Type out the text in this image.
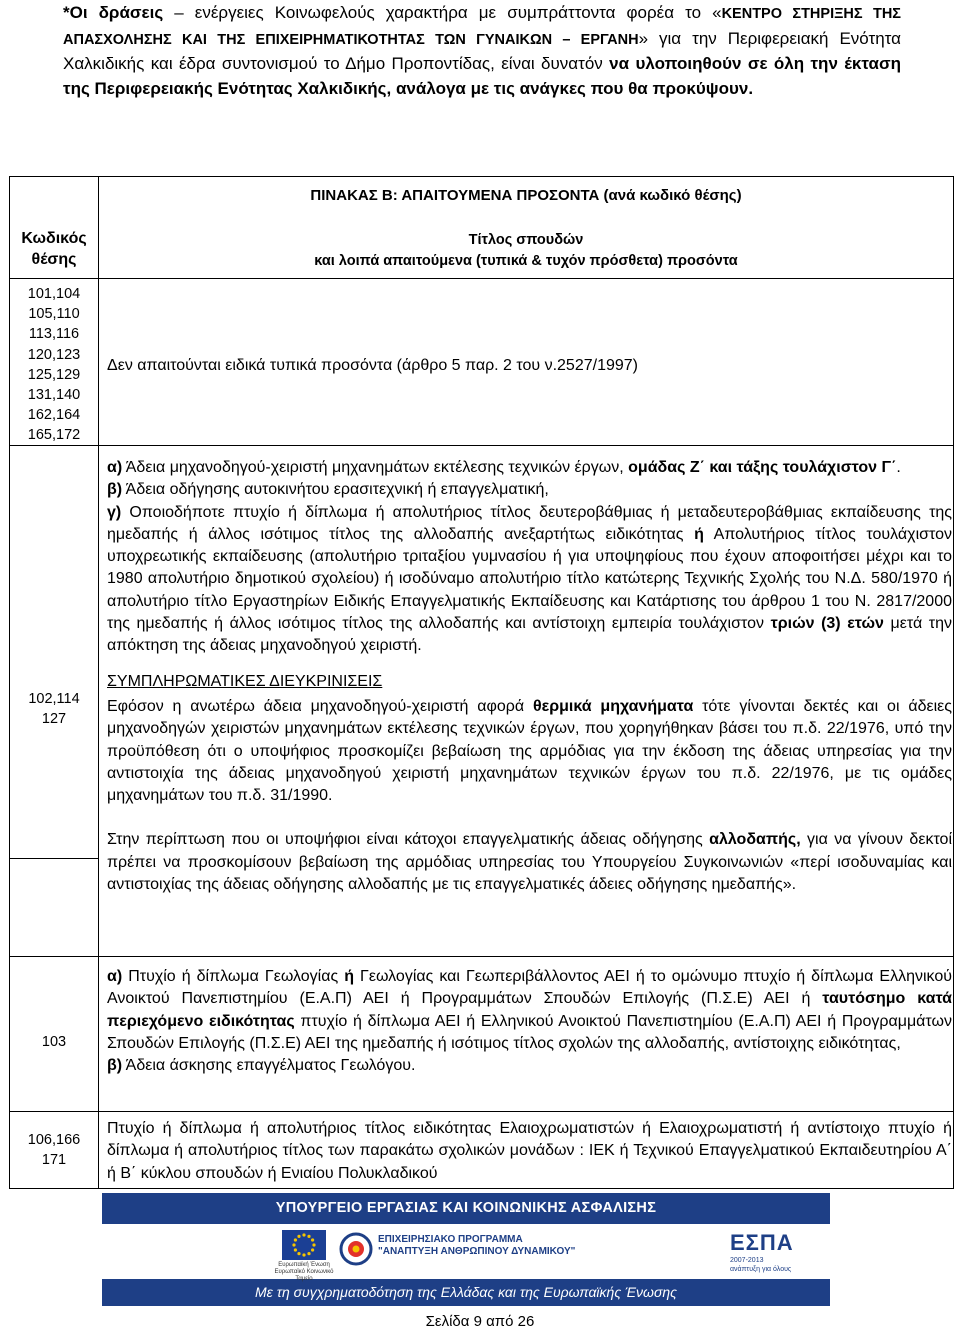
*Οι δράσεις – ενέργειες Κοινωφελούς χαρακτήρα με συμπράττοντα φορέα το «ΚΕΝΤΡΟ ΣΤΗΡΙΞΗΣ ΤΗΣ ΑΠΑΣΧΟΛΗΣΗΣ ΚΑΙ ΤΗΣ ΕΠΙΧΕΙΡΗΜΑΤΙΚΟΤΗΤΑΣ ΤΩΝ ΓΥΝΑΙΚΩΝ – ΕΡΓΑΝΗ» για την Περιφερειακή Ενότητα Χαλκιδικής και έδρα συντονισμού το Δήμο Προποντίδας, είναι δυνατόν να υλοποιηθούν σε όλη την έκταση της Περιφερειακής Ενότητας Χαλκιδικής, ανάλογα με τις ανάγκες που θα προκύψουν.
ΠΙΝΑΚΑΣ Β: ΑΠΑΙΤΟΥΜΕΝΑ ΠΡΟΣΟΝΤΑ (ανά κωδικό θέσης)
Κωδικός
θέσης
Τίτλος σπουδών
και λοιπά απαιτούμενα (τυπικά & τυχόν πρόσθετα) προσόντα
101,104
105,110
113,116
120,123
125,129
131,140
162,164
165,172
Δεν απαιτούνται ειδικά τυπικά προσόντα (άρθρο 5 παρ. 2 του ν.2527/1997)
102,114
127

α) Άδεια μηχανοδηγού-χειριστή μηχανημάτων εκτέλεσης τεχνικών έργων, ομάδας Ζ΄ και τάξης τουλάχιστον Γ΄.

β) Άδεια οδήγησης αυτοκινήτου ερασιτεχνική ή επαγγελματική,

γ) Οποιοδήποτε πτυχίο ή δίπλωμα ή απολυτήριος τίτλος δευτεροβάθμιας ή μεταδευτεροβάθμιας εκπαίδευσης της ημεδαπής ή άλλος ισότιμος τίτλος της αλλοδαπής ανεξαρτήτως ειδικότητας ή Απολυτήριος τίτλος τουλάχιστον υποχρεωτικής εκπαίδευσης (απολυτήριο τριταξίου γυμνασίου ή για υποψηφίους που έχουν αποφοιτήσει μέχρι και το 1980 απολυτήριο δημοτικού σχολείου) ή ισοδύναμο απολυτήριο τίτλο κατώτερης Τεχνικής Σχολής του Ν.Δ. 580/1970 ή απολυτήριο τίτλο Εργαστηρίων Ειδικής Επαγγελματικής Εκπαίδευσης και Κατάρτισης του άρθρου 1 του Ν. 2817/2000 της ημεδαπής ή άλλος ισότιμος τίτλος της αλλοδαπής και αντίστοιχη εμπειρία τουλάχιστον τριών (3) ετών μετά την απόκτηση της άδειας μηχανοδηγού χειριστή.

ΣΥΜΠΛΗΡΩΜΑΤΙΚΕΣ ΔΙΕΥΚΡΙΝΙΣΕΙΣ

Εφόσον η ανωτέρω άδεια μηχανοδηγού-χειριστή αφορά θερμικά μηχανήματα τότε γίνονται δεκτές και οι άδειες μηχανοδηγών χειριστών μηχανημάτων εκτέλεσης τεχνικών έργων, που χορηγήθηκαν βάσει του π.δ. 22/1976, υπό την προϋπόθεση ότι ο υποψήφιος προσκομίζει βεβαίωση της αρμόδιας για την έκδοση της άδειας υπηρεσίας για την αντιστοιχία της άδειας μηχανοδηγού χειριστή μηχανημάτων τεχνικών έργων του π.δ. 22/1976, με τις ομάδες μηχανημάτων του π.δ. 31/1990.

Στην περίπτωση που οι υποψήφιοι είναι κάτοχοι επαγγελματικής άδειας οδήγησης αλλοδαπής, για να γίνουν δεκτοί πρέπει να προσκομίσουν βεβαίωση της αρμόδιας υπηρεσίας του Υπουργείου Συγκοινωνιών «περί ισοδυναμίας και αντιστοιχίας της άδειας οδήγησης αλλοδαπής με τις επαγγελματικές άδειες οδήγησης ημεδαπής».

103

α) Πτυχίο ή δίπλωμα Γεωλογίας ή Γεωλογίας και Γεωπεριβάλλοντος ΑΕΙ ή το ομώνυμο πτυχίο ή δίπλωμα Ελληνικού Ανοικτού Πανεπιστημίου (Ε.Α.Π) ΑΕΙ ή Προγραμμάτων Σπουδών Επιλογής (Π.Σ.Ε) ΑΕΙ ή ταυτόσημο κατά περιεχόμενο ειδικότητας πτυχίο ή δίπλωμα ΑΕΙ ή Ελληνικού Ανοικτού Πανεπιστημίου (Ε.Α.Π) ΑΕΙ ή Προγραμμάτων Σπουδών Επιλογής (Π.Σ.Ε) ΑΕΙ της ημεδαπής ή ισότιμος τίτλος σχολών της αλλοδαπής, αντίστοιχης ειδικότητας,

β) Άδεια άσκησης επαγγέλματος Γεωλόγου.

106,166
171
Πτυχίο ή δίπλωμα ή απολυτήριος τίτλος ειδικότητας Ελαιοχρωματιστών ή Ελαιοχρωματιστή ή αντίστοιχο πτυχίο ή δίπλωμα ή απολυτήριος τίτλος των παρακάτω σχολικών μονάδων : ΙΕΚ ή Τεχνικού Επαγγελματικού Εκπαιδευτηρίου Α΄ ή Β΄ κύκλου σπουδών ή Ενιαίου Πολυκλαδικού
ΥΠΟΥΡΓΕΙΟ ΕΡΓΑΣΙΑΣ ΚΑΙ ΚΟΙΝΩΝΙΚΗΣ ΑΣΦΑΛΙΣΗΣ
Ευρωπαϊκή Ένωση Ευρωπαϊκό Κοινωνικό Ταμείο
ΕΠΙΧΕΙΡΗΣΙΑΚΟ ΠΡΟΓΡΑΜΜΑ
"ΑΝΑΠΤΥΞΗ ΑΝΘΡΩΠΙΝΟΥ ΔΥΝΑΜΙΚΟΥ"	ΕΣΠΑ
2007-2013
ανάπτυξη για όλους
Με τη συγχρηματοδότηση της Ελλάδας και της Ευρωπαϊκής Ένωσης
Σελίδα 9 από 26
